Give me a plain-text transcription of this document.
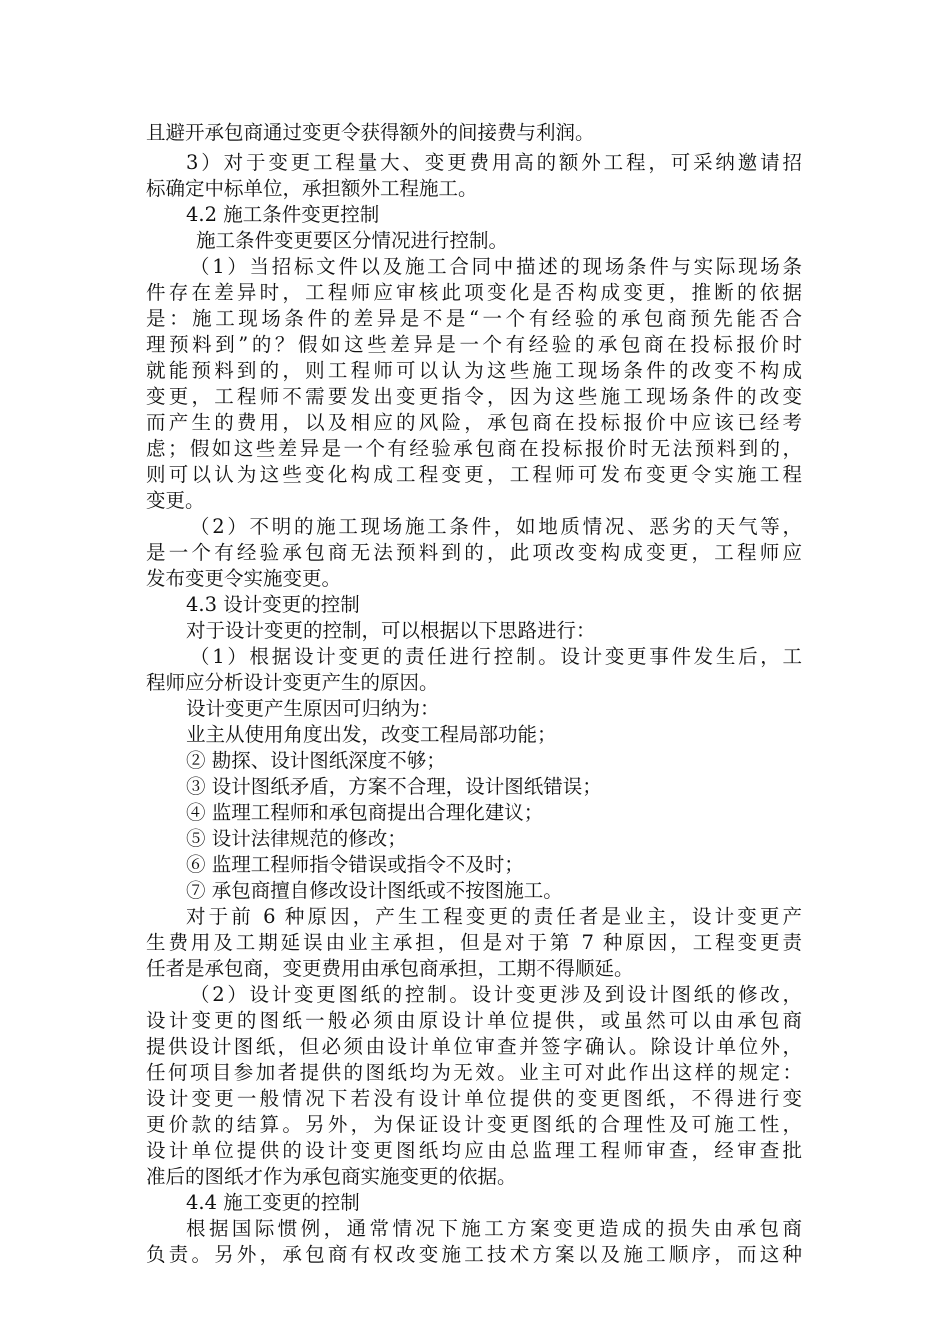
且避开承包商通过变更令获得额外的间接费与利润。
3）对于变更工程量大、变更费用高的额外工程，可采纳邀请招
标确定中标单位，承担额外工程施工。
4.2 施工条件变更控制
施工条件变更要区分情况进行控制。
（1）当招标文件以及施工合同中描述的现场条件与实际现场条
件存在差异时，工程师应审核此项变化是否构成变更，推断的依据
是：施工现场条件的差异是不是“一个有经验的承包商预先能否合
理预料到”的？假如这些差异是一个有经验的承包商在投标报价时
就能预料到的，则工程师可以认为这些施工现场条件的改变不构成
变更，工程师不需要发出变更指令，因为这些施工现场条件的改变
而产生的费用，以及相应的风险，承包商在投标报价中应该已经考
虑；假如这些差异是一个有经验承包商在投标报价时无法预料到的，
则可以认为这些变化构成工程变更，工程师可发布变更令实施工程
变更。
（2）不明的施工现场施工条件，如地质情况、恶劣的天气等，
是一个有经验承包商无法预料到的，此项改变构成变更，工程师应
发布变更令实施变更。
4.3 设计变更的控制
对于设计变更的控制，可以根据以下思路进行：
（1）根据设计变更的责任进行控制。设计变更事件发生后，工
程师应分析设计变更产生的原因。
设计变更产生原因可归纳为：
业主从使用角度出发，改变工程局部功能；
② 勘探、设计图纸深度不够；
③ 设计图纸矛盾，方案不合理，设计图纸错误；
④ 监理工程师和承包商提出合理化建议；
⑤ 设计法律规范的修改；
⑥ 监理工程师指令错误或指令不及时；
⑦ 承包商擅自修改设计图纸或不按图施工。
对于前 6 种原因，产生工程变更的责任者是业主，设计变更产
生费用及工期延误由业主承担，但是对于第 7 种原因，工程变更责
任者是承包商，变更费用由承包商承担，工期不得顺延。
（2）设计变更图纸的控制。设计变更涉及到设计图纸的修改，
设计变更的图纸一般必须由原设计单位提供，或虽然可以由承包商
提供设计图纸，但必须由设计单位审查并签字确认。除设计单位外，
任何项目参加者提供的图纸均为无效。业主可对此作出这样的规定：
设计变更一般情况下若没有设计单位提供的变更图纸，不得进行变
更价款的结算。另外，为保证设计变更图纸的合理性及可施工性，
设计单位提供的设计变更图纸均应由总监理工程师审查，经审查批
准后的图纸才作为承包商实施变更的依据。
4.4 施工变更的控制
根据国际惯例，通常情况下施工方案变更造成的损失由承包商
负责。另外，承包商有权改变施工技术方案以及施工顺序，而这种
